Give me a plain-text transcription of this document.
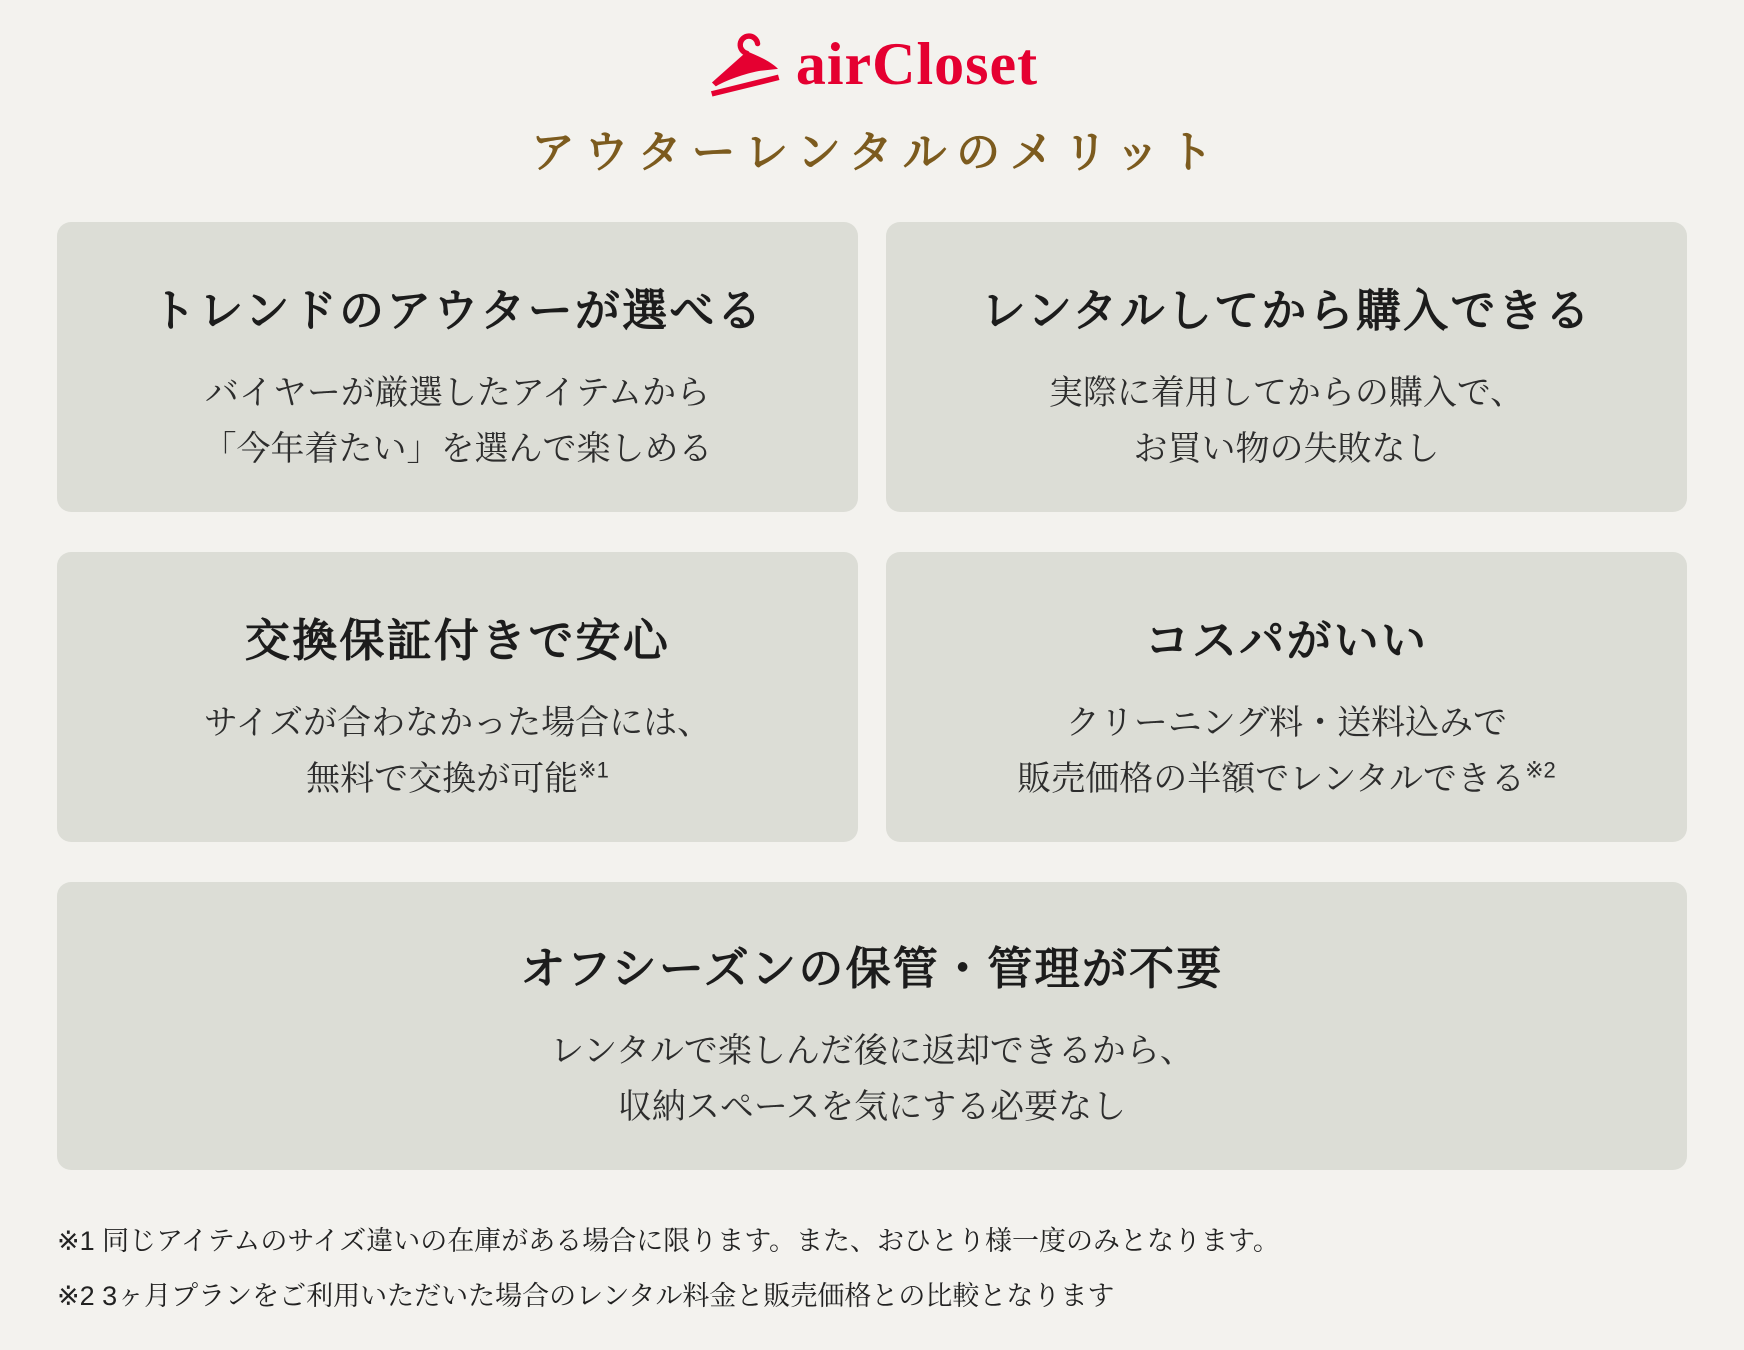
airCloset
アウターレンタルのメリット
トレンドのアウターが選べる
バイヤーが厳選したアイテムから
「今年着たい」を選んで楽しめる
レンタルしてから購入できる
実際に着用してからの購入で、
お買い物の失敗なし
交換保証付きで安心
サイズが合わなかった場合には、
無料で交換が可能$^{※1}$
コスパがいい
クリーニング料・送料込みで
販売価格の半額でレンタルできる$^{※2}$
オフシーズンの保管・管理が不要
レンタルで楽しんだ後に返却できるから、
収納スペースを気にする必要なし
※1 同じアイテムのサイズ違いの在庫がある場合に限ります。また、おひとり様一度のみとなります。
※2 3ヶ月プランをご利用いただいた場合のレンタル料金と販売価格との比較となります
